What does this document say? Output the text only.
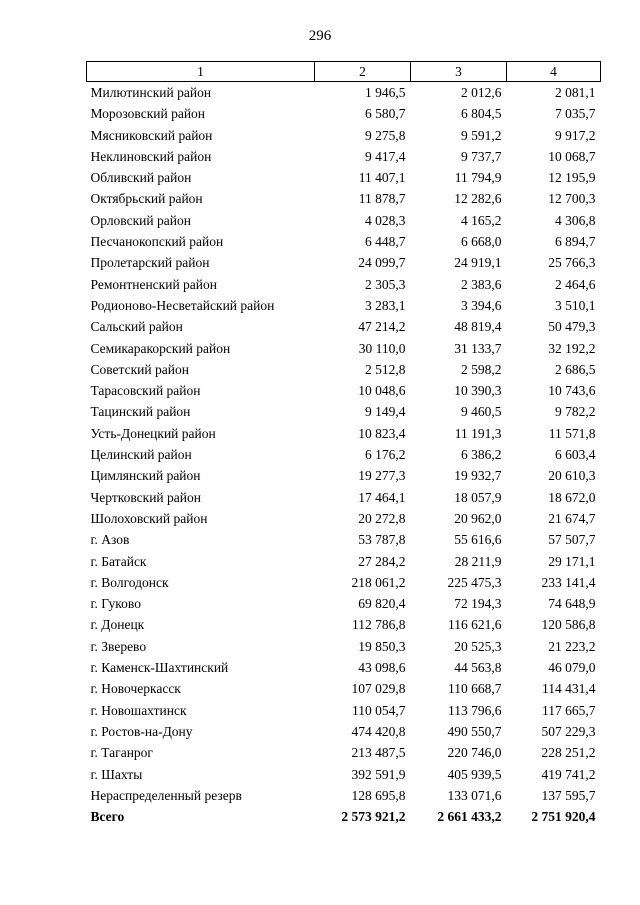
296
1	2	3	4
Милютинский район	1 946,5	2 012,6	2 081,1
Морозовский район	6 580,7	6 804,5	7 035,7
Мясниковский район	9 275,8	9 591,2	9 917,2
Неклиновский район	9 417,4	9 737,7	10 068,7
Обливский район	11 407,1	11 794,9	12 195,9
Октябрьский район	11 878,7	12 282,6	12 700,3
Орловский район	4 028,3	4 165,2	4 306,8
Песчанокопский район	6 448,7	6 668,0	6 894,7
Пролетарский район	24 099,7	24 919,1	25 766,3
Ремонтненский район	2 305,3	2 383,6	2 464,6
Родионово-Несветайский район	3 283,1	3 394,6	3 510,1
Сальский район	47 214,2	48 819,4	50 479,3
Семикаракорский район	30 110,0	31 133,7	32 192,2
Советский район	2 512,8	2 598,2	2 686,5
Тарасовский район	10 048,6	10 390,3	10 743,6
Тацинский район	9 149,4	9 460,5	9 782,2
Усть-Донецкий район	10 823,4	11 191,3	11 571,8
Целинский район	6 176,2	6 386,2	6 603,4
Цимлянский район	19 277,3	19 932,7	20 610,3
Чертковский район	17 464,1	18 057,9	18 672,0
Шолоховский район	20 272,8	20 962,0	21 674,7
г. Азов	53 787,8	55 616,6	57 507,7
г. Батайск	27 284,2	28 211,9	29 171,1
г. Волгодонск	218 061,2	225 475,3	233 141,4
г. Гуково	69 820,4	72 194,3	74 648,9
г. Донецк	112 786,8	116 621,6	120 586,8
г. Зверево	19 850,3	20 525,3	21 223,2
г. Каменск-Шахтинский	43 098,6	44 563,8	46 079,0
г. Новочеркасск	107 029,8	110 668,7	114 431,4
г. Новошахтинск	110 054,7	113 796,6	117 665,7
г. Ростов-на-Дону	474 420,8	490 550,7	507 229,3
г. Таганрог	213 487,5	220 746,0	228 251,2
г. Шахты	392 591,9	405 939,5	419 741,2
Нераспределенный резерв	128 695,8	133 071,6	137 595,7
Всего	2 573 921,2	2 661 433,2	2 751 920,4
